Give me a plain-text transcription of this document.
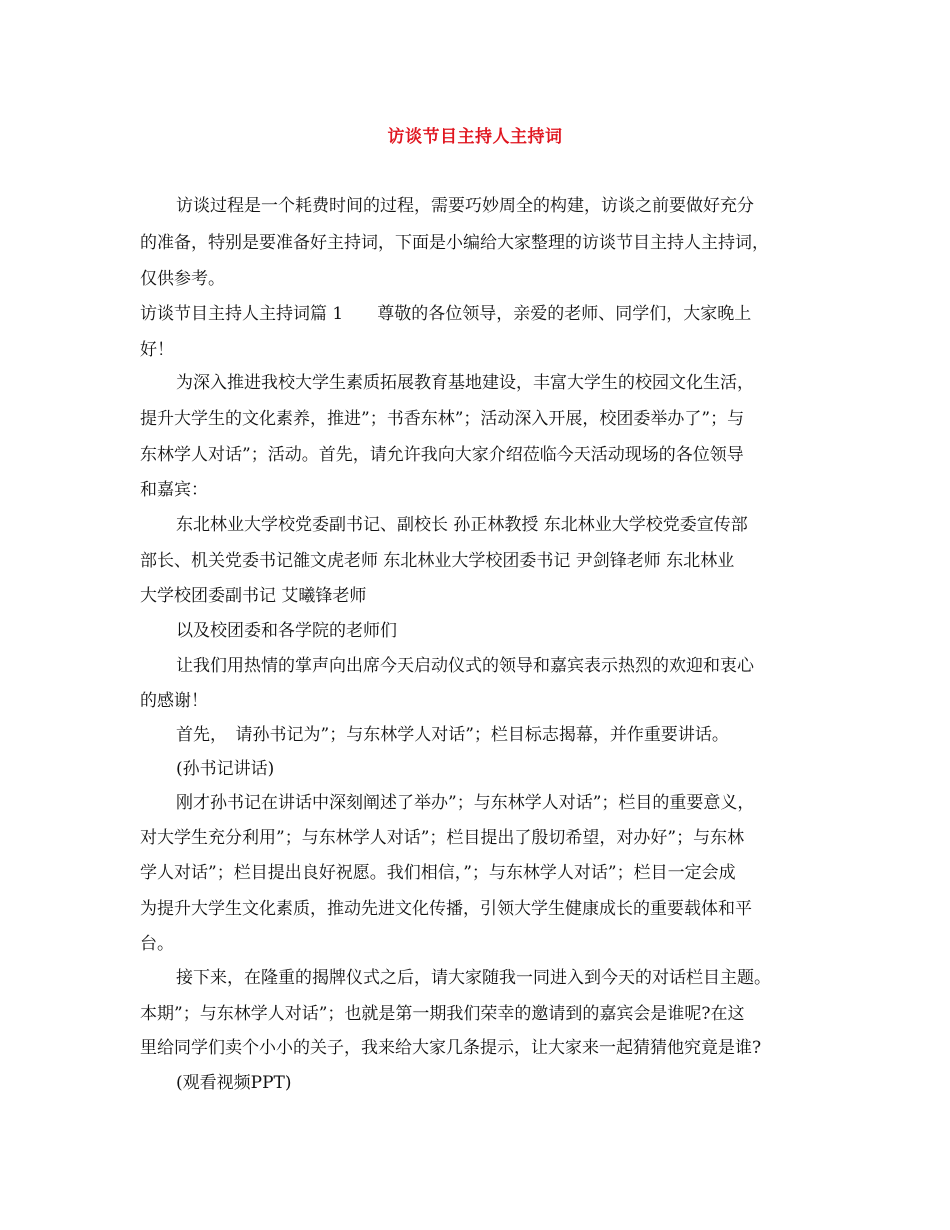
访谈节目主持人主持词
访谈过程是一个耗费时间的过程，需要巧妙周全的构建，访谈之前要做好充分
的准备，特别是要准备好主持词，下面是小编给大家整理的访谈节目主持人主持词，
仅供参考。
访谈节目主持人主持词篇 1　　尊敬的各位领导，亲爱的老师、同学们，大家晚上
好！
为深入推进我校大学生素质拓展教育基地建设，丰富大学生的校园文化生活，
提升大学生的文化素养，推进”；书香东林”；活动深入开展，校团委举办了”；与
东林学人对话”；活动。首先，请允许我向大家介绍莅临今天活动现场的各位领导
和嘉宾：
东北林业大学校党委副书记、副校长 孙正林教授 东北林业大学校党委宣传部
部长、机关党委书记雒文虎老师 东北林业大学校团委书记 尹剑锋老师 东北林业
大学校团委副书记 艾曦锋老师
以及校团委和各学院的老师们
让我们用热情的掌声向出席今天启动仪式的领导和嘉宾表示热烈的欢迎和衷心
的感谢！
首先，　请孙书记为”；与东林学人对话”；栏目标志揭幕，并作重要讲话。
(孙书记讲话)
刚才孙书记在讲话中深刻阐述了举办”；与东林学人对话”；栏目的重要意义，
对大学生充分利用”；与东林学人对话”；栏目提出了殷切希望，对办好”；与东林
学人对话”；栏目提出良好祝愿。我们相信，”；与东林学人对话”；栏目一定会成
为提升大学生文化素质，推动先进文化传播，引领大学生健康成长的重要载体和平
台。
接下来，在隆重的揭牌仪式之后，请大家随我一同进入到今天的对话栏目主题。
本期”；与东林学人对话”；也就是第一期我们荣幸的邀请到的嘉宾会是谁呢?在这
里给同学们卖个小小的关子，我来给大家几条提示，让大家来一起猜猜他究竟是谁?
(观看视频PPT)
